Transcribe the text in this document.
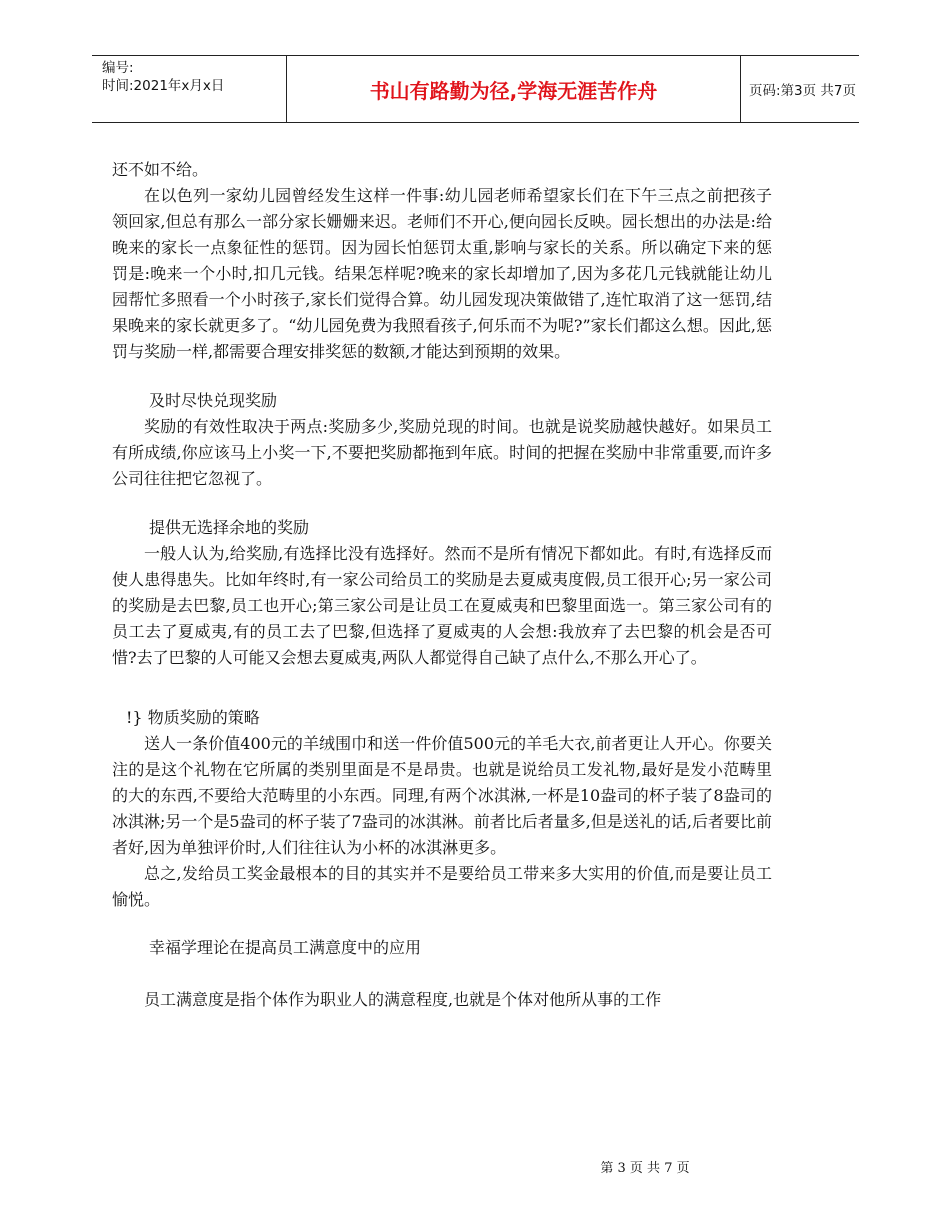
编号:
时间:2021年x月x日	书山有路勤为径,学海无涯苦作舟	页码:第3页 共7页

还不如不给。

在以色列一家幼儿园曾经发生这样一件事:幼儿园老师希望家长们在下午三点之前把孩子领回家,但总有那么一部分家长姗姗来迟。老师们不开心,便向园长反映。园长想出的办法是:给晚来的家长一点象征性的惩罚。因为园长怕惩罚太重,影响与家长的关系。所以确定下来的惩罚是:晚来一个小时,扣几元钱。结果怎样呢?晚来的家长却增加了,因为多花几元钱就能让幼儿园帮忙多照看一个小时孩子,家长们觉得合算。幼儿园发现决策做错了,连忙取消了这一惩罚,结果晚来的家长就更多了。“幼儿园免费为我照看孩子,何乐而不为呢?”家长们都这么想。因此,惩罚与奖励一样,都需要合理安排奖惩的数额,才能达到预期的效果。

及时尽快兑现奖励

奖励的有效性取决于两点:奖励多少,奖励兑现的时间。也就是说奖励越快越好。如果员工有所成绩,你应该马上小奖一下,不要把奖励都拖到年底。时间的把握在奖励中非常重要,而许多公司往往把它忽视了。

提供无选择余地的奖励

一般人认为,给奖励,有选择比没有选择好。然而不是所有情况下都如此。有时,有选择反而使人患得患失。比如年终时,有一家公司给员工的奖励是去夏威夷度假,员工很开心;另一家公司的奖励是去巴黎,员工也开心;第三家公司是让员工在夏威夷和巴黎里面选一。第三家公司有的员工去了夏威夷,有的员工去了巴黎,但选择了夏威夷的人会想:我放弃了去巴黎的机会是否可惜?去了巴黎的人可能又会想去夏威夷,两队人都觉得自己缺了点什么,不那么开心了。

!} 物质奖励的策略

送人一条价值400元的羊绒围巾和送一件价值500元的羊毛大衣,前者更让人开心。你要关注的是这个礼物在它所属的类别里面是不是昂贵。也就是说给员工发礼物,最好是发小范畴里的大的东西,不要给大范畴里的小东西。同理,有两个冰淇淋,一杯是10盎司的杯子装了8盎司的冰淇淋;另一个是5盎司的杯子装了7盎司的冰淇淋。前者比后者量多,但是送礼的话,后者要比前者好,因为单独评价时,人们往往认为小杯的冰淇淋更多。

总之,发给员工奖金最根本的目的其实并不是要给员工带来多大实用的价值,而是要让员工愉悦。

幸福学理论在提高员工满意度中的应用

员工满意度是指个体作为职业人的满意程度,也就是个体对他所从事的工作

第 3 页 共 7 页
